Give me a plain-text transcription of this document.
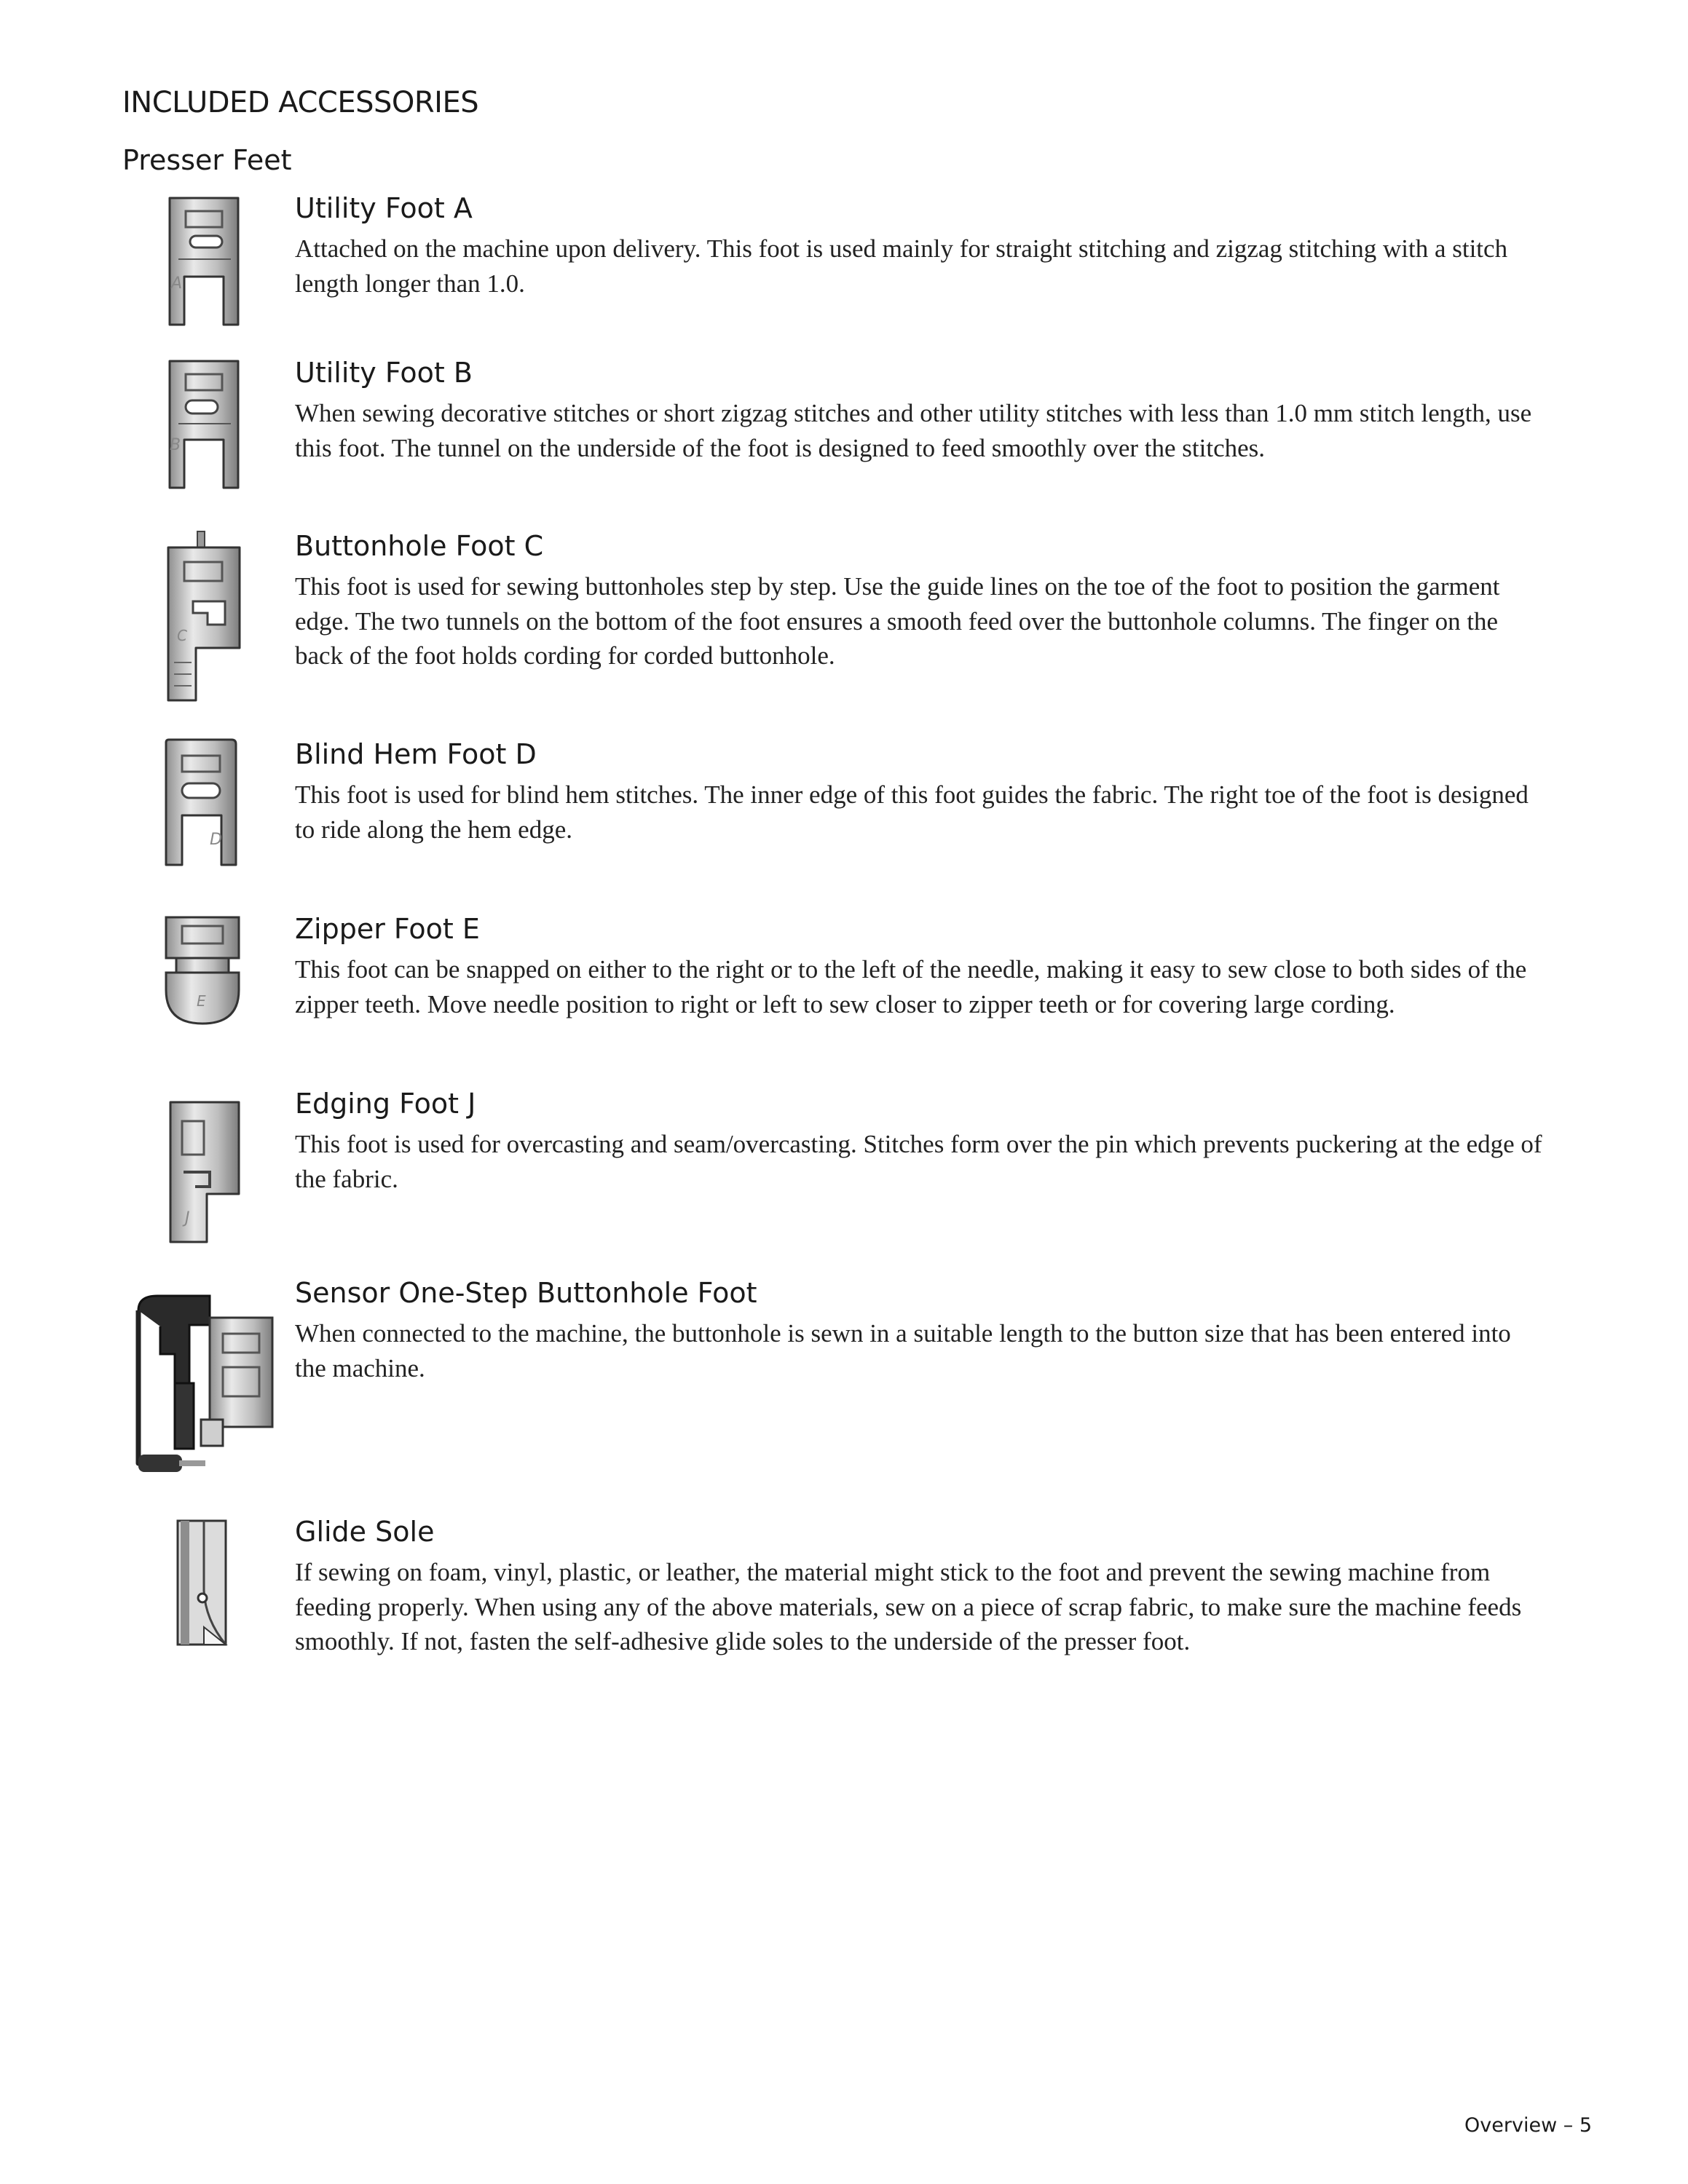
INCLUDED ACCESSORIES
Presser Feet
A
Utility Foot A

Attached on the machine upon delivery. This foot is used mainly for straight stitching and zigzag stitching with a stitch length longer than 1.0.

B
Utility Foot B

When sewing decorative stitches or short zigzag stitches and other utility stitches with less than 1.0 mm stitch length, use this foot. The tunnel on the underside of the foot is designed to feed smoothly over the stitches.

C
Buttonhole Foot C

This foot is used for sewing buttonholes step by step. Use the guide lines on the toe of the foot to position the garment edge. The two tunnels on the bottom of the foot ensures a smooth feed over the buttonhole columns. The finger on the back of the foot holds cording for corded buttonhole.

D
Blind Hem Foot D

This foot is used for blind hem stitches. The inner edge of this foot guides the fabric. The right toe of the foot is designed to ride along the hem edge.

E
Zipper Foot E

This foot can be snapped on either to the right or to the left of the needle, making it easy to sew close to both sides of the zipper teeth. Move needle position to right or left to sew closer to zipper teeth or for covering large cording.

J
Edging Foot J

This foot is used for overcasting and seam/overcasting. Stitches form over the pin which prevents puckering at the edge of the fabric.

Sensor One-Step Buttonhole Foot

When connected to the machine, the buttonhole is sewn in a suitable length to the button size that has been entered into the machine.

Glide Sole

If sewing on foam, vinyl, plastic, or leather, the material might stick to the foot and prevent the sewing machine from feeding properly. When using any of the above materials, sew on a piece of scrap fabric, to make sure the machine feeds smoothly. If not, fasten the self-adhesive glide soles to the underside of the presser foot.

Overview – 5
